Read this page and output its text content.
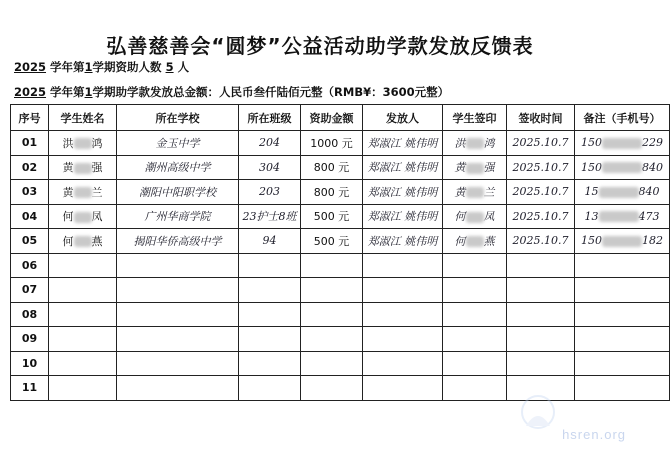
弘善慈善会“圆梦”公益活动助学款发放反馈表
2025 学年第1学期资助人数 5 人
2025 学年第1学期助学款发放总金额：人民币叁仟陆佰元整（RMB¥：3600元整）
序号	学生姓名	所在学校	所在班级	资助金额	发放人	学生签印	签收时间	备注（手机号）
01	洪 鸿	金玉中学	204	1000 元	郑淑江 姚伟明	洪 鸿	2025.10.7	150 229
02	黄 强	潮州高级中学	304	800 元	郑淑江 姚伟明	黄 强	2025.10.7	150 840
03	黄 兰	潮阳中阳职学校	203	800 元	郑淑江 姚伟明	黄 兰	2025.10.7	15 840
04	何 凤	广州华商学院	23护士8班	500 元	郑淑江 姚伟明	何 凤	2025.10.7	13 473
05	何 燕	揭阳华侨高级中学	94	500 元	郑淑江 姚伟明	何 燕	2025.10.7	150 182
06								
07								
08								
09								
10								
11								
hsren.org
